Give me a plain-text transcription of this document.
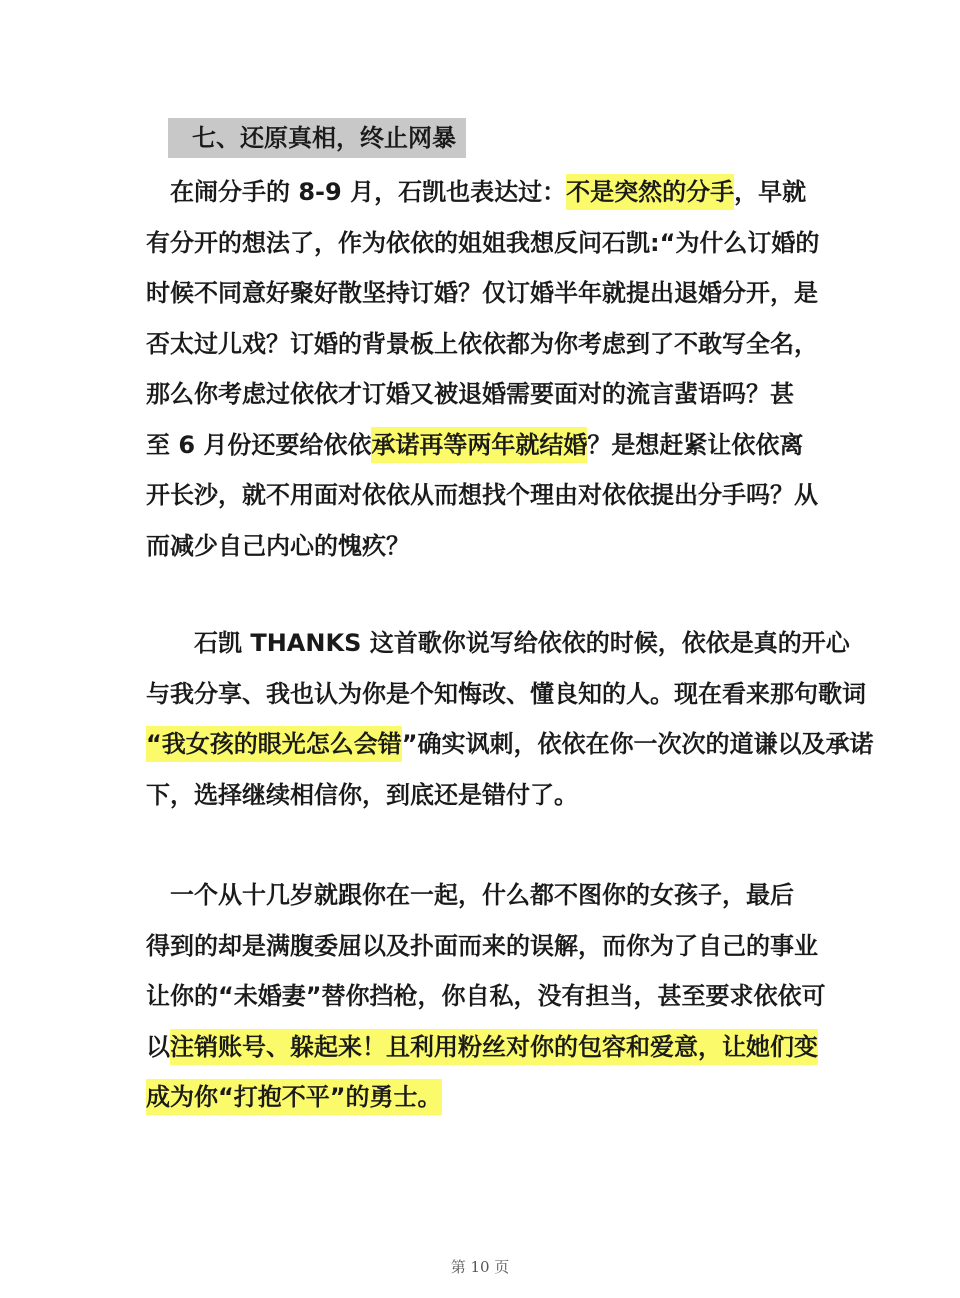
七、还原真相，终止网暴
　在闹分手的 8-9 月，石凯也表达过：不是突然的分手，早就
有分开的想法了，作为依依的姐姐我想反问石凯:“为什么订婚的
时候不同意好聚好散坚持订婚？仅订婚半年就提出退婚分开，是
否太过儿戏？订婚的背景板上依依都为你考虑到了不敢写全名，
那么你考虑过依依才订婚又被退婚需要面对的流言蜚语吗？甚
至 6 月份还要给依依承诺再等两年就结婚？是想赶紧让依依离
开长沙，就不用面对依依从而想找个理由对依依提出分手吗？从
而减少自己内心的愧疚？
　　石凯 THANKS 这首歌你说写给依依的时候，依依是真的开心
与我分享、我也认为你是个知悔改、懂良知的人。现在看来那句歌词
“我女孩的眼光怎么会错”确实讽刺，依依在你一次次的道谦以及承诺
下，选择继续相信你，到底还是错付了。
　一个从十几岁就跟你在一起，什么都不图你的女孩子，最后
得到的却是满腹委屈以及扑面而来的误解，而你为了自己的事业
让你的“未婚妻”替你挡枪，你自私，没有担当，甚至要求依依可
以注销账号、躲起来！且利用粉丝对你的包容和爱意，让她们变
成为你“打抱不平”的勇士。
第 10 页
